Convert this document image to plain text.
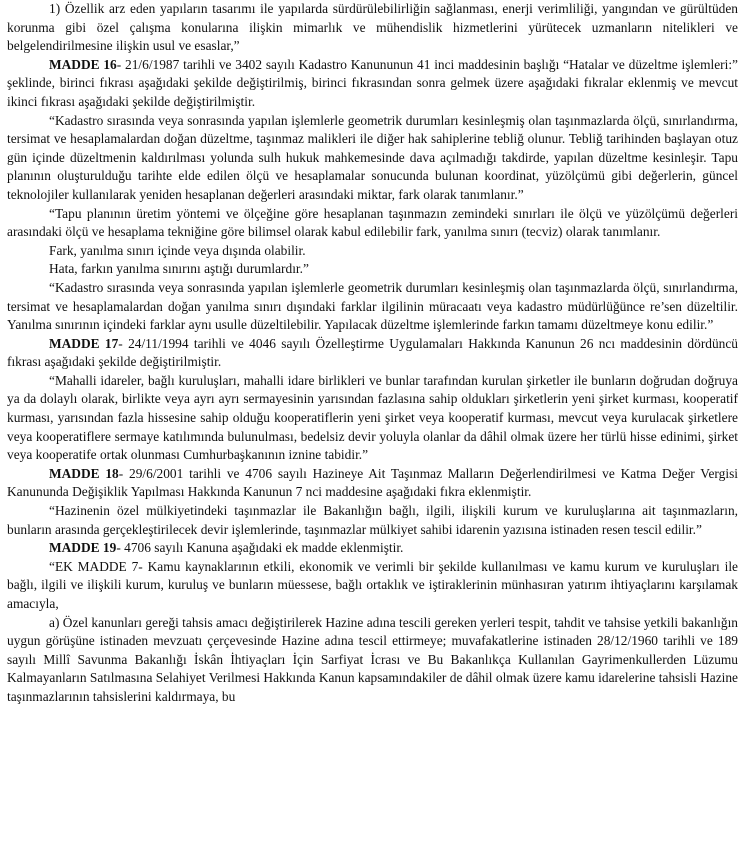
1) Özellik arz eden yapıların tasarımı ile yapılarda sürdürülebilirliğin sağlanması, enerji verimliliği, yangından ve gürültüden korunma gibi özel çalışma konularına ilişkin mimarlık ve mühendislik hizmetlerini yürütecek uzmanların nitelikleri ve belgelendirilmesine ilişkin usul ve esaslar,”

MADDE 16- 21/6/1987 tarihli ve 3402 sayılı Kadastro Kanununun 41 inci maddesinin başlığı “Hatalar ve düzeltme işlemleri:” şeklinde, birinci fıkrası aşağıdaki şekilde değiştirilmiş, birinci fıkrasından sonra gelmek üzere aşağıdaki fıkralar eklenmiş ve mevcut ikinci fıkrası aşağıdaki şekilde değiştirilmiştir.

“Kadastro sırasında veya sonrasında yapılan işlemlerle geometrik durumları kesinleşmiş olan taşınmazlarda ölçü, sınırlandırma, tersimat ve hesaplamalardan doğan düzeltme, taşınmaz malikleri ile diğer hak sahiplerine tebliğ olunur. Tebliğ tarihinden başlayan otuz gün içinde düzeltmenin kaldırılması yolunda sulh hukuk mahkemesinde dava açılmadığı takdirde, yapılan düzeltme kesinleşir. Tapu planının oluşturulduğu tarihte elde edilen ölçü ve hesaplamalar sonucunda bulunan koordinat, yüzölçümü gibi değerlerin, güncel teknolojiler kullanılarak yeniden hesaplanan değerleri arasındaki miktar, fark olarak tanımlanır.”

“Tapu planının üretim yöntemi ve ölçeğine göre hesaplanan taşınmazın zemindeki sınırları ile ölçü ve yüzölçümü değerleri arasındaki ölçü ve hesaplama tekniğine göre bilimsel olarak kabul edilebilir fark, yanılma sınırı (tecviz) olarak tanımlanır.

Fark, yanılma sınırı içinde veya dışında olabilir.

Hata, farkın yanılma sınırını aştığı durumlardır.”

“Kadastro sırasında veya sonrasında yapılan işlemlerle geometrik durumları kesinleşmiş olan taşınmazlarda ölçü, sınırlandırma, tersimat ve hesaplamalardan doğan yanılma sınırı dışındaki farklar ilgilinin müracaatı veya kadastro müdürlüğünce re’sen düzeltilir. Yanılma sınırının içindeki farklar aynı usulle düzeltilebilir. Yapılacak düzeltme işlemlerinde farkın tamamı düzeltmeye konu edilir.”

MADDE 17- 24/11/1994 tarihli ve 4046 sayılı Özelleştirme Uygulamaları Hakkında Kanunun 26 ncı maddesinin dördüncü fıkrası aşağıdaki şekilde değiştirilmiştir.

“Mahalli idareler, bağlı kuruluşları, mahalli idare birlikleri ve bunlar tarafından kurulan şirketler ile bunların doğrudan doğruya ya da dolaylı olarak, birlikte veya ayrı ayrı sermayesinin yarısından fazlasına sahip oldukları şirketlerin yeni şirket kurması, kooperatif kurması, yarısından fazla hissesine sahip olduğu kooperatiflerin yeni şirket veya kooperatif kurması, mevcut veya kurulacak şirketlere veya kooperatiflere sermaye katılımında bulunulması, bedelsiz devir yoluyla olanlar da dâhil olmak üzere her türlü hisse edinimi, şirket veya kooperatife ortak olunması Cumhurbaşkanının iznine tabidir.”

MADDE 18- 29/6/2001 tarihli ve 4706 sayılı Hazineye Ait Taşınmaz Malların Değerlendirilmesi ve Katma Değer Vergisi Kanununda Değişiklik Yapılması Hakkında Kanunun 7 nci maddesine aşağıdaki fıkra eklenmiştir.

“Hazinenin özel mülkiyetindeki taşınmazlar ile Bakanlığın bağlı, ilgili, ilişkili kurum ve kuruluşlarına ait taşınmazların, bunların arasında gerçekleştirilecek devir işlemlerinde, taşınmazlar mülkiyet sahibi idarenin yazısına istinaden resen tescil edilir.”

MADDE 19- 4706 sayılı Kanuna aşağıdaki ek madde eklenmiştir.

“EK MADDE 7- Kamu kaynaklarının etkili, ekonomik ve verimli bir şekilde kullanılması ve kamu kurum ve kuruluşları ile bağlı, ilgili ve ilişkili kurum, kuruluş ve bunların müessese, bağlı ortaklık ve iştiraklerinin münhasıran yatırım ihtiyaçlarını karşılamak amacıyla,

a) Özel kanunları gereği tahsis amacı değiştirilerek Hazine adına tescili gereken yerleri tespit, tahdit ve tahsise yetkili bakanlığın uygun görüşüne istinaden mevzuatı çerçevesinde Hazine adına tescil ettirmeye; muvafakatlerine istinaden 28/12/1960 tarihli ve 189 sayılı Millî Savunma Bakanlığı İskân İhtiyaçları İçin Sarfiyat İcrası ve Bu Bakanlıkça Kullanılan Gayrimenkullerden Lüzumu Kalmayanların Satılmasına Selahiyet Verilmesi Hakkında Kanun kapsamındakiler de dâhil olmak üzere kamu idarelerine tahsisli Hazine taşınmazlarının tahsislerini kaldırmaya, bu
